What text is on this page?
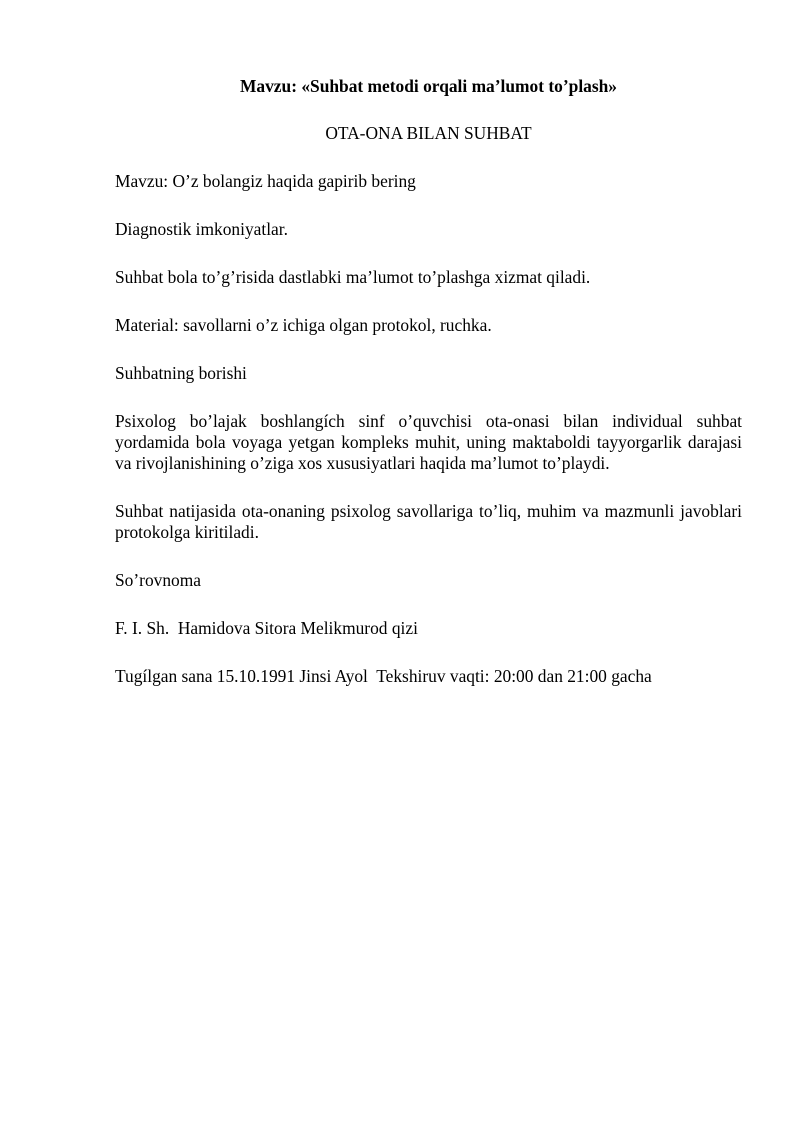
Mavzu: «Suhbat metodi orqali ma’lumot to’plash»
OTA-ONA BILAN SUHBAT
Mavzu: O’z bolangiz haqida gapirib bering
Diagnostik imkoniyatlar.
Suhbat bola to’g’risida dastlabki ma’lumot to’plashga xizmat qiladi.
Material: savollarni o’z ichiga olgan protokol, ruchka.
Suhbatning borishi
Psixolog bo’lajak boshlangích sinf o’quvchisi ota-onasi bilan individual suhbat yordamida bola voyaga yetgan kompleks muhit, uning maktaboldi tayyorgarlik darajasi va rivojlanishining o’ziga xos xususiyatlari haqida ma’lumot to’playdi.
Suhbat natijasida ota-onaning psixolog savollariga to’liq, muhim va mazmunli javoblari protokolga kiritiladi.
So’rovnoma
F. I. Sh.  Hamidova Sitora Melikmurod qizi
Tugílgan sana 15.10.1991 Jinsi Ayol  Tekshiruv vaqti: 20:00 dan 21:00 gacha
